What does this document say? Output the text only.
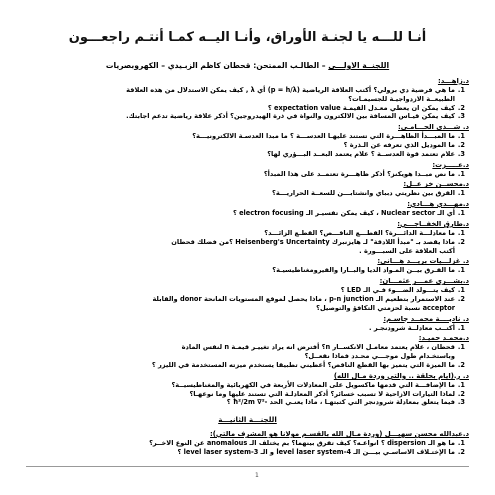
أنـا للـــه يا لجنـة الأوراق، وأنـا اليــه كمـا أنتـم راجعـــون
اللجنــة الاولـــى – الطالـب الممتحن: قحطان كاظم الزبـيدي – الكهروبصريات
د.زاهـــد:
1.
ما هي فرضية دي برولي؟ أكتب العلاقة الرياضية (p = h/λ) أي λ , كيف يمكن الاستدلال من هذه العلاقة
الطبيعــة الازدواجيـة للجسيمـات؟
2.
كيف يمكن ان يعطي معـدل القيمـة expectation value ؟
3.
كيف يمكن قيـاس المسافة بين الالكترون والنواة في ذرة الهيدروجين؟ أذكر علاقة رياضية تدعم اجابتك.
د. شـــذى الحـــامـي:
1.
ما المبـــدأ الظاهـــرة التي تستند عليهـا العدســـة ؟ ما مبدا العدسـة الالكترونيـــة؟
2.
ما الموديل الذي تعرفه عن الـذرة ؟
3.
علام تعتمد قوة العدســة ؟ علام يعتمد البعــد البـــؤري لها؟
د.عـــــزت:
1.
ما نص مبــدا هويكنز؟ أذكر ظاهـــرة تعتمــد على هذا المبدأ؟
د.محســن خز عــل:
1.
الفرق بين نظريتي دبباي وانشتابـــن للسعــة الحراريـــة؟
د.مهـــدي هـــادي:
1.
أي الـ Nuclear sector ، كيف يمكن تفسيـر الـ electron focusing ؟
د.طارق الخفــاجـــي:
1.
ما معادلـــة الدائـــرة؟ القطـــع الناقـــص؟ القطـع الزائـــد؟
2.
ماذا يقصد بـ "مبدأ اللادقة" لـ هايزنبرك Heisenberg's Uncertainty ؟من فضلك قحطان
أكتب العلاقة على السبـــورة .
د. غزلـــيات بريـــد هـــاني:
1.
ما الفـرق بيــن المـواد الديا والبــارا والفيرومغناطيسيـة؟
د.بشـــرى عمـــر عثمـــان:
1.
كيف يتـــولد الضـــوء فـي الـ LED ؟
2.
عند الاستمرار بتطعيم الـ p-n junction ، ماذا يحصل لموقع المستويات المانحة donor والقابلة
acceptor نسبة لحزمتي التكافؤ والتوصيل؟
د. ناديــــة محمــد جاسـم:
1.
أكتــب معادلــة شرودنجـر .
د.محمـد حميـد:
1.
قحطان ، علام يعتمد معامـل الانكســار n؟ أفترض انه يراد تغييـر قيمـة n لنفس المادة
وباستخـدام طول موجـــي محـدد فماذا نفعــل؟
2.
ما الميزة التي يتميز بها القطع الناقص؟ أعطيني تطبيقا يستخدم ميزته المستخدمة في الليزر ؟
د. ر.(ايام بحلقة .. والتي وردة مـال الله)
1.
ما الإضافـــة التي قدمها ماكسويل على المعادلات الأربعة في الكهربائية والمغناطيسيــة؟
2.
لماذا التيارات الازاحية لا تسبب خسائر؟ أذكر المعادلـة التي تستند عليها وما نوعهـا؟
3.
فيما يتعلق بمعادلة شرودنجر التي كتبتهـا ، ماذا يعنـي الحد -ħ²/2m ∇² ؟
اللجنـــة الثانيـــة
د.عبدالله محسن سهيـــل (وردة مـال الله بالقسـم مولانا هو المشرف مالتي):
1.
ما هو الـ dispersion ؟ انواعـه؟ كيف تفرق بينهما؟ بم يختلف الـ anomalous عن النوع الاخــر؟
2.
ما الإختـلاف الاساسـي بيـــن الـ 4-level laser system و الـ 3-level laser system ؟
1
